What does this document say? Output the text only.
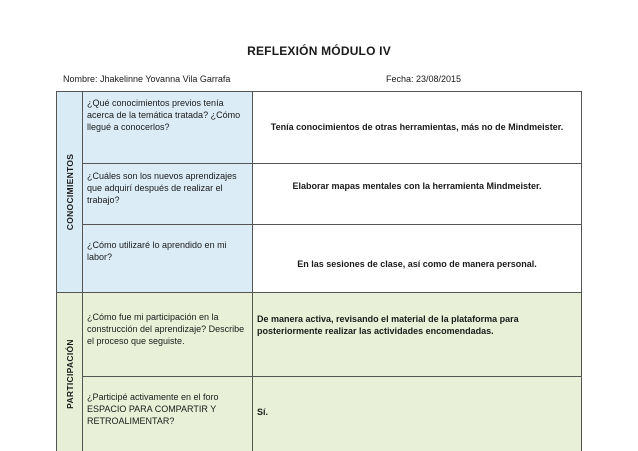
REFLEXIÓN MÓDULO IV
Nombre: Jhakelinne Yovanna Vila Garrafa	Fecha: 23/08/2015
CONOCIMIENTOS	¿Qué conocimientos previos tenía acerca de la temática tratada? ¿Cómo llegué a conocerlos?	Tenía conocimientos de otras herramientas, más no de Mindmeister.

	¿Cuáles son los nuevos aprendizajes que adquirí después de realizar el trabajo?	Elaborar mapas mentales con la herramienta Mindmeister.

	¿Cómo utilizaré lo aprendido en mi labor?	En las sesiones de clase, así como de manera personal.

PARTICIPACIÓN	¿Cómo fue mi participación en la construcción del aprendizaje? Describe el proceso que seguiste.	De manera activa, revisando el material de la plataforma para posteriormente realizar las actividades encomendadas.

	¿Participé activamente en el foro ESPACIO PARA COMPARTIR Y RETROALIMENTAR?	Sí.
